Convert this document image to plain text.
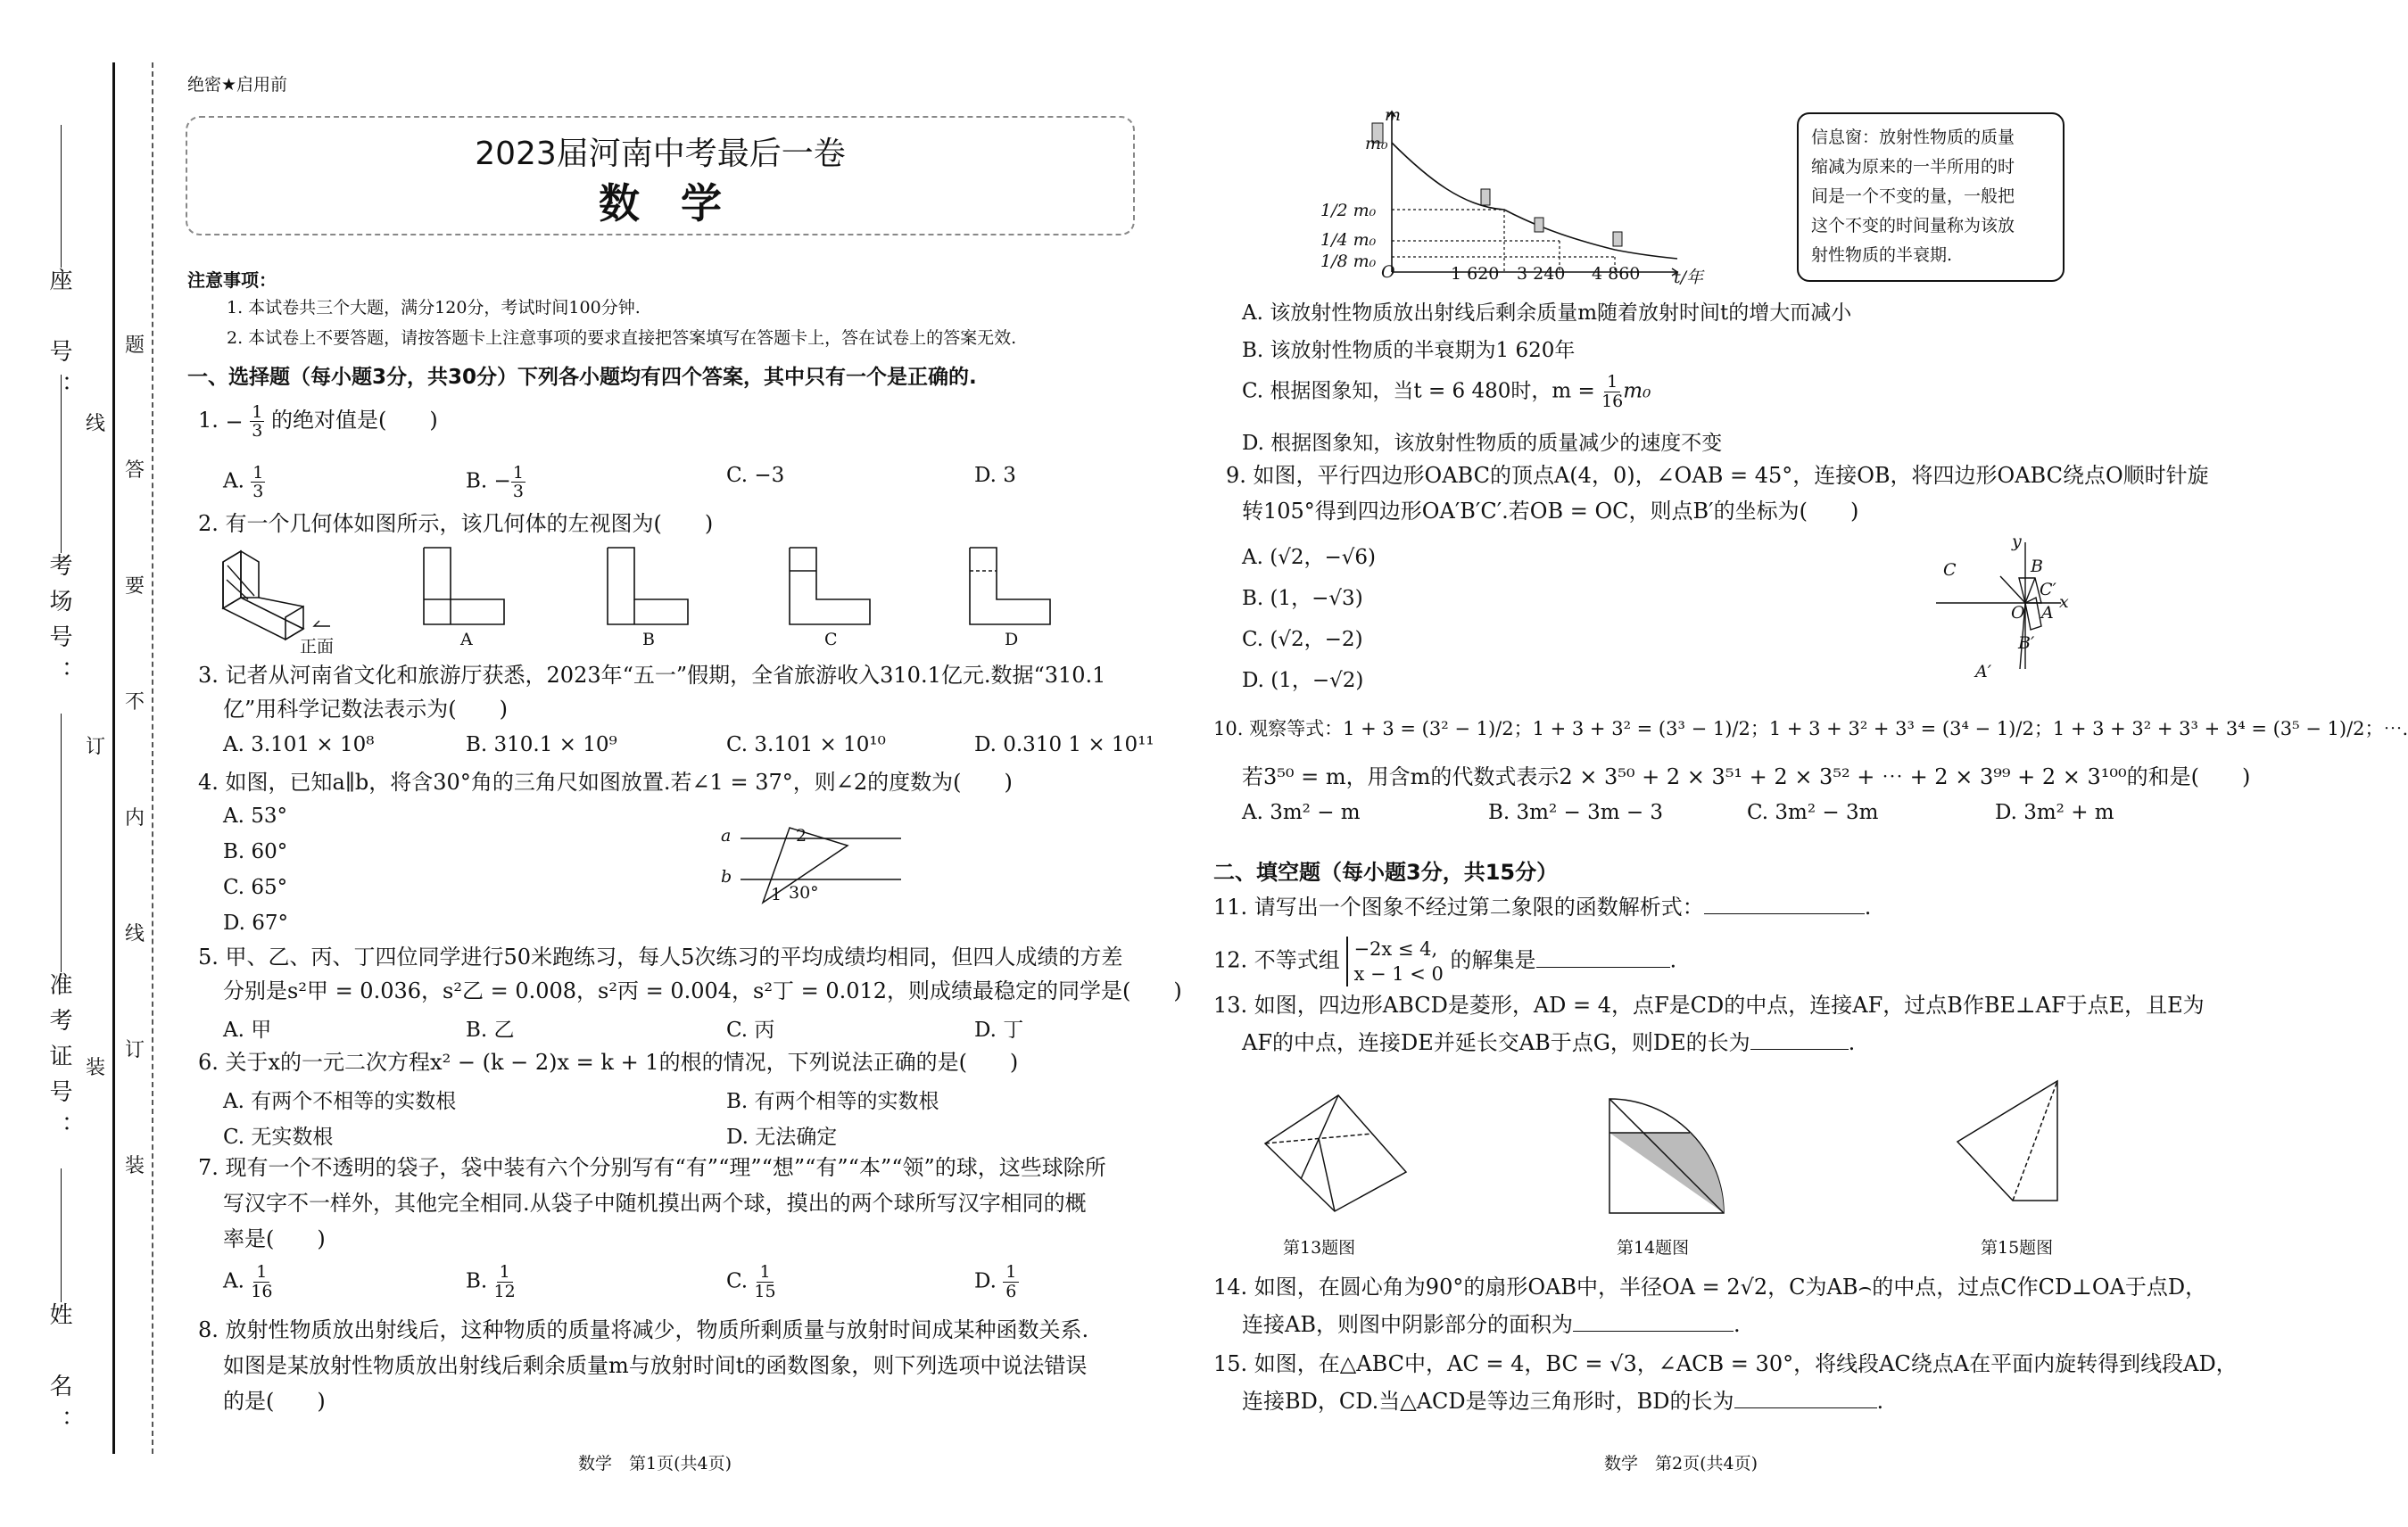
座　号：
考场号：
准考证号：
姓　名：
线
订
装
题
答
要
不
内
线
订
装
绝密★启用前
2023届河南中考最后一卷
数　学
注意事项：
1. 本试卷共三个大题，满分120分，考试时间100分钟.
2. 本试卷上不要答题，请按答题卡上注意事项的要求直接把答案填写在答题卡上，答在试卷上的答案无效.
一、选择题（每小题3分，共30分）下列各小题均有四个答案，其中只有一个是正确的.
1. − $\frac{1}{3}$ 的绝对值是(　　)
A. $\frac{1}{3}$	B. − $\frac{1}{3}$	C. −3	D. 3
2. 有一个几何体如图所示，该几何体的左视图为(　　)
正面	A	B	C	D
3. 记者从河南省文化和旅游厅获悉，2023年“五一”假期，全省旅游收入310.1亿元.数据“310.1
亿”用科学记数法表示为(　　)
A. 3.101 × 10⁸	B. 310.1 × 10⁹	C. 3.101 × 10¹⁰	D. 0.310 1 × 10¹¹
4. 如图，已知a∥b，将含30°角的三角尺如图放置.若∠1 = 37°，则∠2的度数为(　　)
A. 53°
B. 60°
C. 65°
D. 67°
a
b
2
1 30°
5. 甲、乙、丙、丁四位同学进行50米跑练习，每人5次练习的平均成绩均相同，但四人成绩的方差
分别是s²甲 = 0.036，s²乙 = 0.008，s²丙 = 0.004，s²丁 = 0.012，则成绩最稳定的同学是(　　)
A. 甲	B. 乙	C. 丙	D. 丁
6. 关于x的一元二次方程x² − (k − 2)x = k + 1的根的情况，下列说法正确的是(　　)
A. 有两个不相等的实数根	B. 有两个相等的实数根
C. 无实数根	D. 无法确定
7. 现有一个不透明的袋子，袋中装有六个分别写有“有”“理”“想”“有”“本”“领”的球，这些球除所
写汉字不一样外，其他完全相同.从袋子中随机摸出两个球，摸出的两个球所写汉字相同的概
率是(　　)
A. $\frac{1}{16}$	B. $\frac{1}{12}$	C. $\frac{1}{15}$	D. $\frac{1}{6}$
8. 放射性物质放出射线后，这种物质的质量将减少，物质所剩质量与放射时间成某种函数关系.
如图是某放射性物质放出射线后剩余质量m与放射时间t的函数图象，则下列选项中说法错误
的是(　　)
数学　第1页(共4页)
m
m₀
1/2 m₀
1/4 m₀
1/8 m₀
O	1 620 3 240 4 860 t/年
信息窗：放射性物质的质量
缩减为原来的一半所用的时
间是一个不变的量，一般把
这个不变的时间量称为该放
射性物质的半衰期.
A. 该放射性物质放出射线后剩余质量m随着放射时间t的增大而减小
B. 该放射性物质的半衰期为1 620年
C. 根据图象知，当t = 6 480时，$m = \frac{1}{16} m_0$
D. 根据图象知，该放射性物质的质量减少的速度不变
9. 如图，平行四边形OABC的顶点A(4，0)，∠OAB = 45°，连接OB，将四边形OABC绕点O顺时针旋
转105°得到四边形OA′B′C′.若OB = OC，则点B′的坐标为(　　)
A. (√2，−√6)
B. (1，−√3)
C. (√2，−2)
D. (1，−√2)
y
x
O A
B
C
C′
B′
A′
10. 观察等式：1 + 3 = (3² − 1)/2；1 + 3 + 3² = (3³ − 1)/2；1 + 3 + 3² + 3³ = (3⁴ − 1)/2；1 + 3 + 3² + 3³ + 3⁴ = (3⁵ − 1)/2；⋯.
若3⁵⁰ = m，用含m的代数式表示2 × 3⁵⁰ + 2 × 3⁵¹ + 2 × 3⁵² + ⋯ + 2 × 3⁹⁹ + 2 × 3¹⁰⁰的和是(　　)
A. 3m² − m	B. 3m² − 3m − 3	C. 3m² − 3m	D. 3m² + m
二、填空题（每小题3分，共15分）
11. 请写出一个图象不经过第二象限的函数解析式：	.
12. 不等式组 −2x ≤ 4,
x − 1 < 0
的解集是	.
13. 如图，四边形ABCD是菱形，AD = 4，点F是CD的中点，连接AF，过点B作BE⊥AF于点E，且E为
AF的中点，连接DE并延长交AB于点G，则DE的长为	.
第13题图	第14题图	第15题图
14. 如图，在圆心角为90°的扇形OAB中，半径OA = 2√2，C为AB⌢的中点，过点C作CD⊥OA于点D，
连接AB，则图中阴影部分的面积为	.
15. 如图，在△ABC中，AC = 4，BC = √3，∠ACB = 30°，将线段AC绕点A在平面内旋转得到线段AD，
连接BD，CD.当△ACD是等边三角形时，BD的长为	.
数学　第2页(共4页)
